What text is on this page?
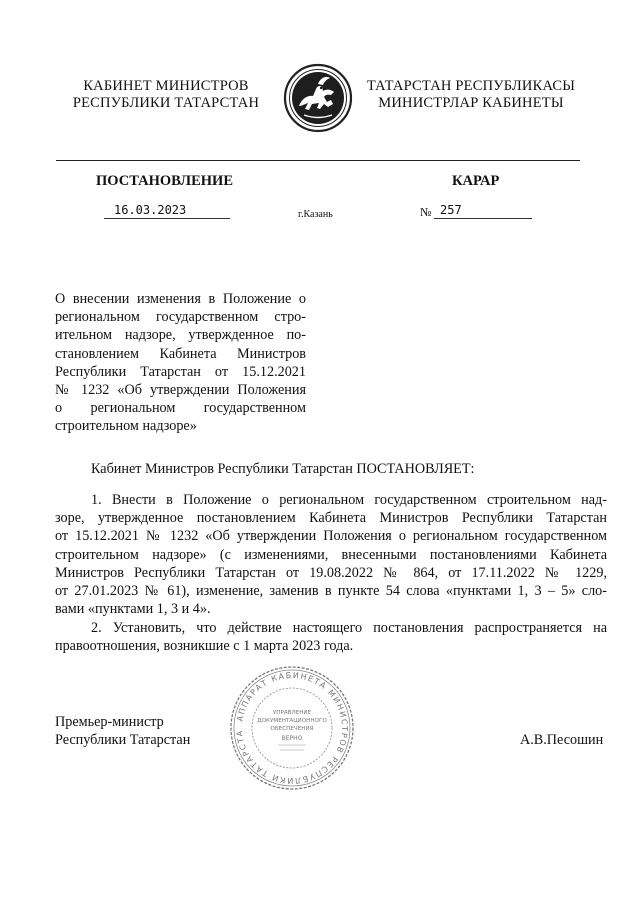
КАБИНЕТ МИНИСТРОВ
РЕСПУБЛИКИ ТАТАРСТАН
ТАТАРСТАН РЕСПУБЛИКАСЫ
МИНИСТРЛАР КАБИНЕТЫ
ПОСТАНОВЛЕНИЕ	КАРАР
16.03.2023	г.Казань	№ 257
О внесении изменения в Положение о
региональном государственном стро-
ительном надзоре, утвержденное по-
становлением Кабинета Министров
Республики Татарстан от 15.12.2021
№ 1232 «Об утверждении Положения
о региональном государственном
строительном надзоре»
Кабинет Министров Республики Татарстан ПОСТАНОВЛЯЕТ:
1. Внести в Положение о региональном государственном строительном над-
зоре, утвержденное постановлением Кабинета Министров Республики Татарстан
от 15.12.2021 № 1232 «Об утверждении Положения о региональном государственном
строительном надзоре» (с изменениями, внесенными постановлениями Кабинета
Министров Республики Татарстан от 19.08.2022 № 864, от 17.11.2022 № 1229,
от 27.01.2023 № 61), изменение, заменив в пункте 54 слова «пунктами 1, 3 – 5» сло-
вами «пунктами 1, 3 и 4».
2. Установить, что действие настоящего постановления распространяется на
правоотношения, возникшие с 1 марта 2023 года.
Премьер-министр
Республики Татарстан	А.В.Песошин
АППАРАТ КАБИНЕТА МИНИСТРОВ РЕСПУБЛИКИ ТАТАРСТА
УПРАВЛЕНИЕ
ДОКУМЕНТАЦИОННОГО
ОБЕСПЕЧЕНИЯ
ВЕРНО
